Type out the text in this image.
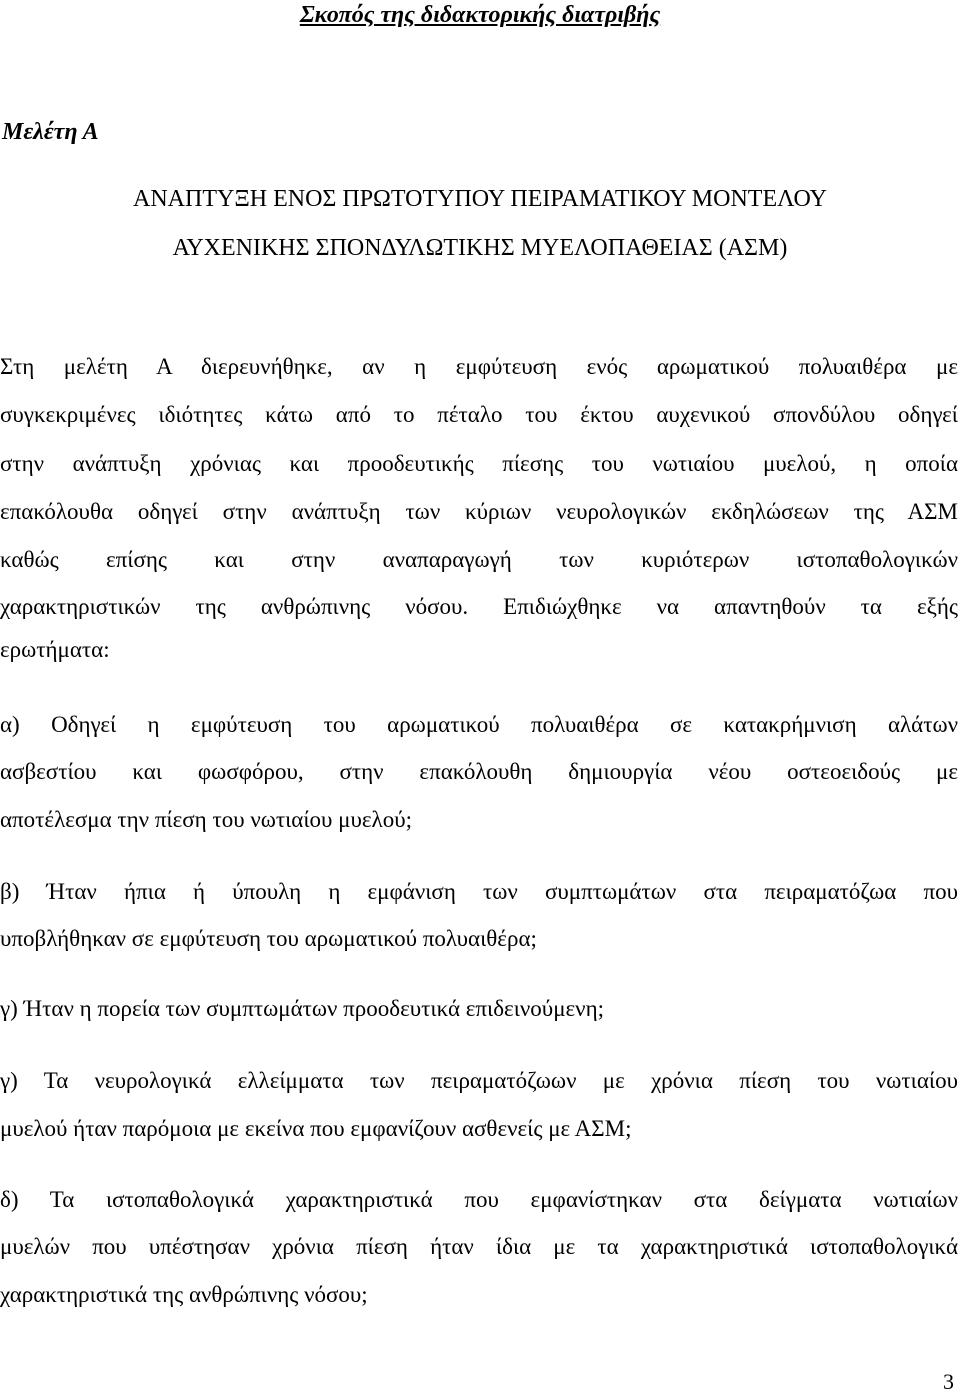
Σκοπός της διδακτορικής διατριβής
Μελέτη Α
ΑΝΑΠΤΥΞΗ ΕΝΟΣ ΠΡΩΤΟΤΥΠΟΥ ΠΕΙΡΑΜΑΤΙΚΟΥ ΜΟΝΤΕΛΟΥ
ΑΥΧΕΝΙΚΗΣ ΣΠΟΝΔΥΛΩΤΙΚΗΣ ΜΥΕΛΟΠΑΘΕΙΑΣ (ΑΣΜ)
Στη μελέτη Α διερευνήθηκε, αν η εμφύτευση ενός αρωματικού πολυαιθέρα με
συγκεκριμένες ιδιότητες κάτω από το πέταλο του έκτου αυχενικού σπονδύλου οδηγεί
στην ανάπτυξη χρόνιας και προοδευτικής πίεσης του νωτιαίου μυελού, η οποία
επακόλουθα οδηγεί στην ανάπτυξη των κύριων νευρολογικών εκδηλώσεων της ΑΣΜ
καθώς επίσης και στην αναπαραγωγή των κυριότερων ιστοπαθολογικών
χαρακτηριστικών της ανθρώπινης νόσου. Επιδιώχθηκε να απαντηθούν τα εξής
ερωτήματα:
α) Οδηγεί η εμφύτευση του αρωματικού πολυαιθέρα σε κατακρήμνιση αλάτων
ασβεστίου και φωσφόρου, στην επακόλουθη δημιουργία νέου οστεοειδούς με
αποτέλεσμα την πίεση του νωτιαίου μυελού;
β) Ήταν ήπια ή ύπουλη η εμφάνιση των συμπτωμάτων στα πειραματόζωα που
υποβλήθηκαν σε εμφύτευση του αρωματικού πολυαιθέρα;
γ) Ήταν η πορεία των συμπτωμάτων προοδευτικά επιδεινούμενη;
γ) Τα νευρολογικά ελλείμματα των πειραματόζωων με χρόνια πίεση του νωτιαίου
μυελού ήταν παρόμοια με εκείνα που εμφανίζουν ασθενείς με ΑΣΜ;
δ) Τα ιστοπαθολογικά χαρακτηριστικά που εμφανίστηκαν στα δείγματα νωτιαίων
μυελών που υπέστησαν χρόνια πίεση ήταν ίδια με τα χαρακτηριστικά ιστοπαθολογικά
χαρακτηριστικά της ανθρώπινης νόσου;
3
